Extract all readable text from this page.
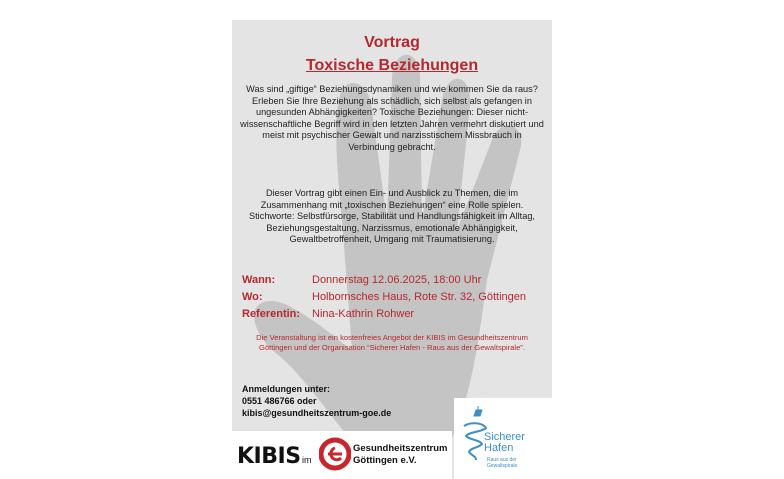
Vortrag
Toxische Beziehungen
Was sind „giftige“ Beziehungsdynamiken und wie kommen Sie da raus? Erleben Sie Ihre Beziehung als schädlich, sich selbst als gefangen in ungesunden Abhängigkeiten? Toxische Beziehungen: Dieser nicht-wissenschaftliche Begriff wird in den letzten Jahren vermehrt diskutiert und meist mit psychischer Gewalt und narzisstischem Missbrauch in Verbindung gebracht.
Dieser Vortrag gibt einen Ein- und Ausblick zu Themen, die im Zusammenhang mit „toxischen Beziehungen“ eine Rolle spielen. Stichworte: Selbstfürsorge, Stabilität und Handlungsfähigkeit im Alltag, Beziehungsgestaltung, Narzissmus, emotionale Abhängigkeit, Gewaltbetroffenheit, Umgang mit Traumatisierung.
Wann:	Donnerstag 12.06.2025, 18:00 Uhr
Wo:	Holbornsches Haus, Rote Str. 32, Göttingen
Referentin: Nina-Kathrin Rohwer
Die Veranstaltung ist ein kostenfreies Angebot der KIBIS im Gesundheitszentrum Göttingen und der Organisation “Sicherer Hafen - Raus aus der Gewaltspirale”.
Anmeldungen unter:
0551 486766 oder
kibis@gesundheitszentrum-goe.de
KIBIS im
Gesundheitszentrum
Göttingen e.V.
Sicherer
Hafen
Raus aus der Gewaltspirale
